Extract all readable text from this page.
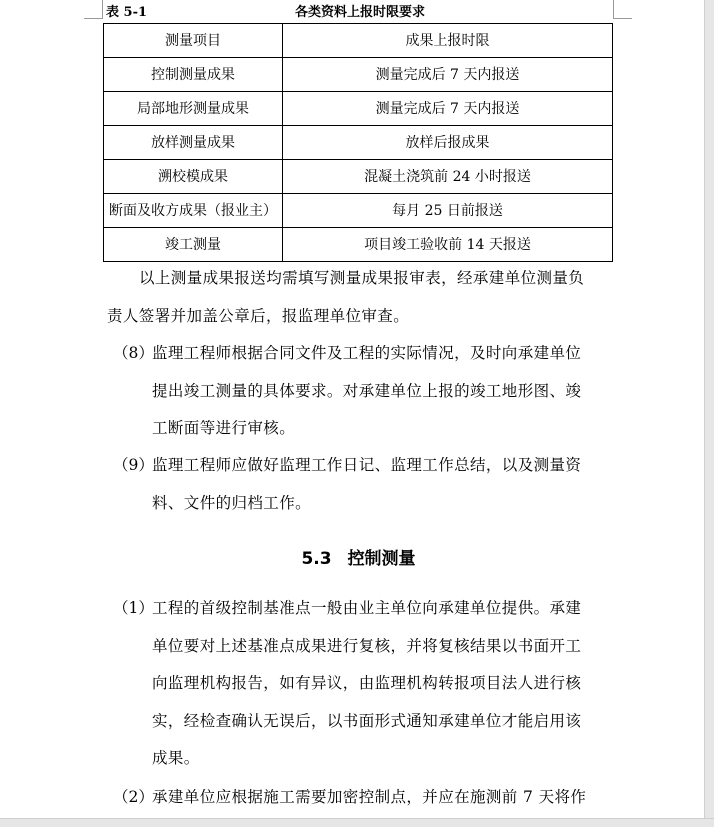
表 5-1	各类资料上报时限要求
测量项目	成果上报时限
控制测量成果	测量完成后 7 天内报送
局部地形测量成果	测量完成后 7 天内报送
放样测量成果	放样后报成果
溯校模成果	混凝土浇筑前 24 小时报送
断面及收方成果（报业主）	每月 25 日前报送
竣工测量	项目竣工验收前 14 天报送
以上测量成果报送均需填写测量成果报审表，经承建单位测量负
责人签署并加盖公章后，报监理单位审查。
（8）
监理工程师根据合同文件及工程的实际情况，及时向承建单位
提出竣工测量的具体要求。对承建单位上报的竣工地形图、竣
工断面等进行审核。
（9）
监理工程师应做好监理工作日记、监理工作总结，以及测量资
料、文件的归档工作。
5.3 控制测量
（1）
工程的首级控制基准点一般由业主单位向承建单位提供。承建
单位要对上述基准点成果进行复核，并将复核结果以书面开工
向监理机构报告，如有异议，由监理机构转报项目法人进行核
实，经检查确认无误后，以书面形式通知承建单位才能启用该
成果。
（2）
承建单位应根据施工需要加密控制点，并应在施测前 7 天将作
